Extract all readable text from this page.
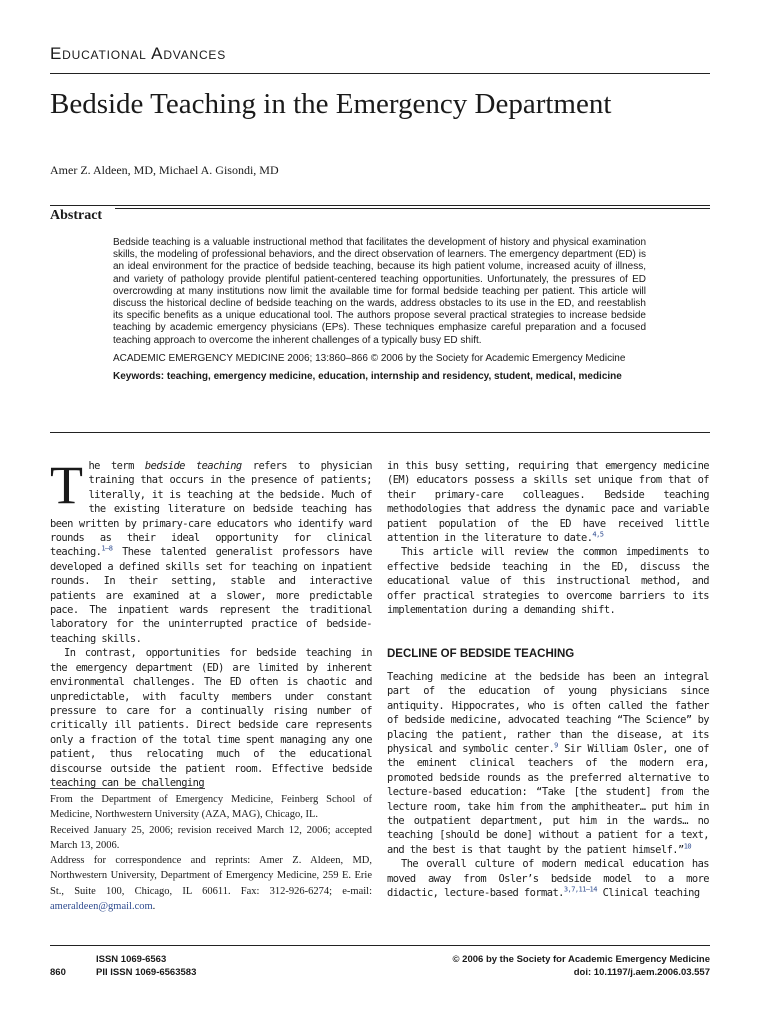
Educational Advances
Bedside Teaching in the Emergency Department
Amer Z. Aldeen, MD, Michael A. Gisondi, MD
Abstract

Bedside teaching is a valuable instructional method that facilitates the development of history and physical examination skills, the modeling of professional behaviors, and the direct observation of learners. The emergency department (ED) is an ideal environment for the practice of bedside teaching, because its high patient volume, increased acuity of illness, and variety of pathology provide plentiful patient-centered teaching opportunities. Unfortunately, the pressures of ED overcrowding at many institutions now limit the available time for formal bedside teaching per patient. This article will discuss the historical decline of bedside teaching on the wards, address obstacles to its use in the ED, and reestablish its specific benefits as a unique educational tool. The authors propose several practical strategies to increase bedside teaching by academic emergency physicians (EPs). These techniques emphasize careful preparation and a focused teaching approach to overcome the inherent challenges of a typically busy ED shift.

ACADEMIC EMERGENCY MEDICINE 2006; 13:860–866 © 2006 by the Society for Academic Emergency Medicine

Keywords: teaching, emergency medicine, education, internship and residency, student, medical, medicine

The term bedside teaching refers to physician training that occurs in the presence of patients; literally, it is teaching at the bedside. Much of the existing literature on bedside teaching has been written by primary-care educators who identify ward rounds as their ideal opportunity for clinical teaching.$^{1-8}$ These talented generalist professors have developed a defined skills set for teaching on inpatient rounds. In their setting, stable and interactive patients are examined at a slower, more predictable pace. The inpatient wards represent the traditional laboratory for the uninterrupted practice of bedside-teaching skills.

In contrast, opportunities for bedside teaching in the emergency department (ED) are limited by inherent environmental challenges. The ED often is chaotic and unpredictable, with faculty members under constant pressure to care for a continually rising number of critically ill patients. Direct bedside care represents only a fraction of the total time spent managing any one patient, thus relocating much of the educational discourse outside the patient room. Effective bedside teaching can be challenging

From the Department of Emergency Medicine, Feinberg School of Medicine, Northwestern University (AZA, MAG), Chicago, IL.

Received January 25, 2006; revision received March 12, 2006; accepted March 13, 2006.

Address for correspondence and reprints: Amer Z. Aldeen, MD, Northwestern University, Department of Emergency Medicine, 259 E. Erie St., Suite 100, Chicago, IL 60611. Fax: 312-926-6274; e-mail: ameraldeen@gmail.com.

in this busy setting, requiring that emergency medicine (EM) educators possess a skills set unique from that of their primary-care colleagues. Bedside teaching methodologies that address the dynamic pace and variable patient population of the ED have received little attention in the literature to date.$^{4,5}$

This article will review the common impediments to effective bedside teaching in the ED, discuss the educational value of this instructional method, and offer practical strategies to overcome barriers to its implementation during a demanding shift.

DECLINE OF BEDSIDE TEACHING

Teaching medicine at the bedside has been an integral part of the education of young physicians since antiquity. Hippocrates, who is often called the father of bedside medicine, advocated teaching “The Science” by placing the patient, rather than the disease, at its physical and symbolic center.$^9$ Sir William Osler, one of the eminent clinical teachers of the modern era, promoted bedside rounds as the preferred alternative to lecture-based education: “Take [the student] from the lecture room, take him from the amphitheater… put him in the outpatient department, put him in the wards… no teaching [should be done] without a patient for a text, and the best is that taught by the patient himself.”$^{10}$

The overall culture of modern medical education has moved away from Osler’s bedside model to a more didactic, lecture-based format.$^{3,7,11-14}$ Clinical teaching

860
ISSN 1069-6563
PII ISSN 1069-6563583
© 2006 by the Society for Academic Emergency Medicine
doi: 10.1197/j.aem.2006.03.557
